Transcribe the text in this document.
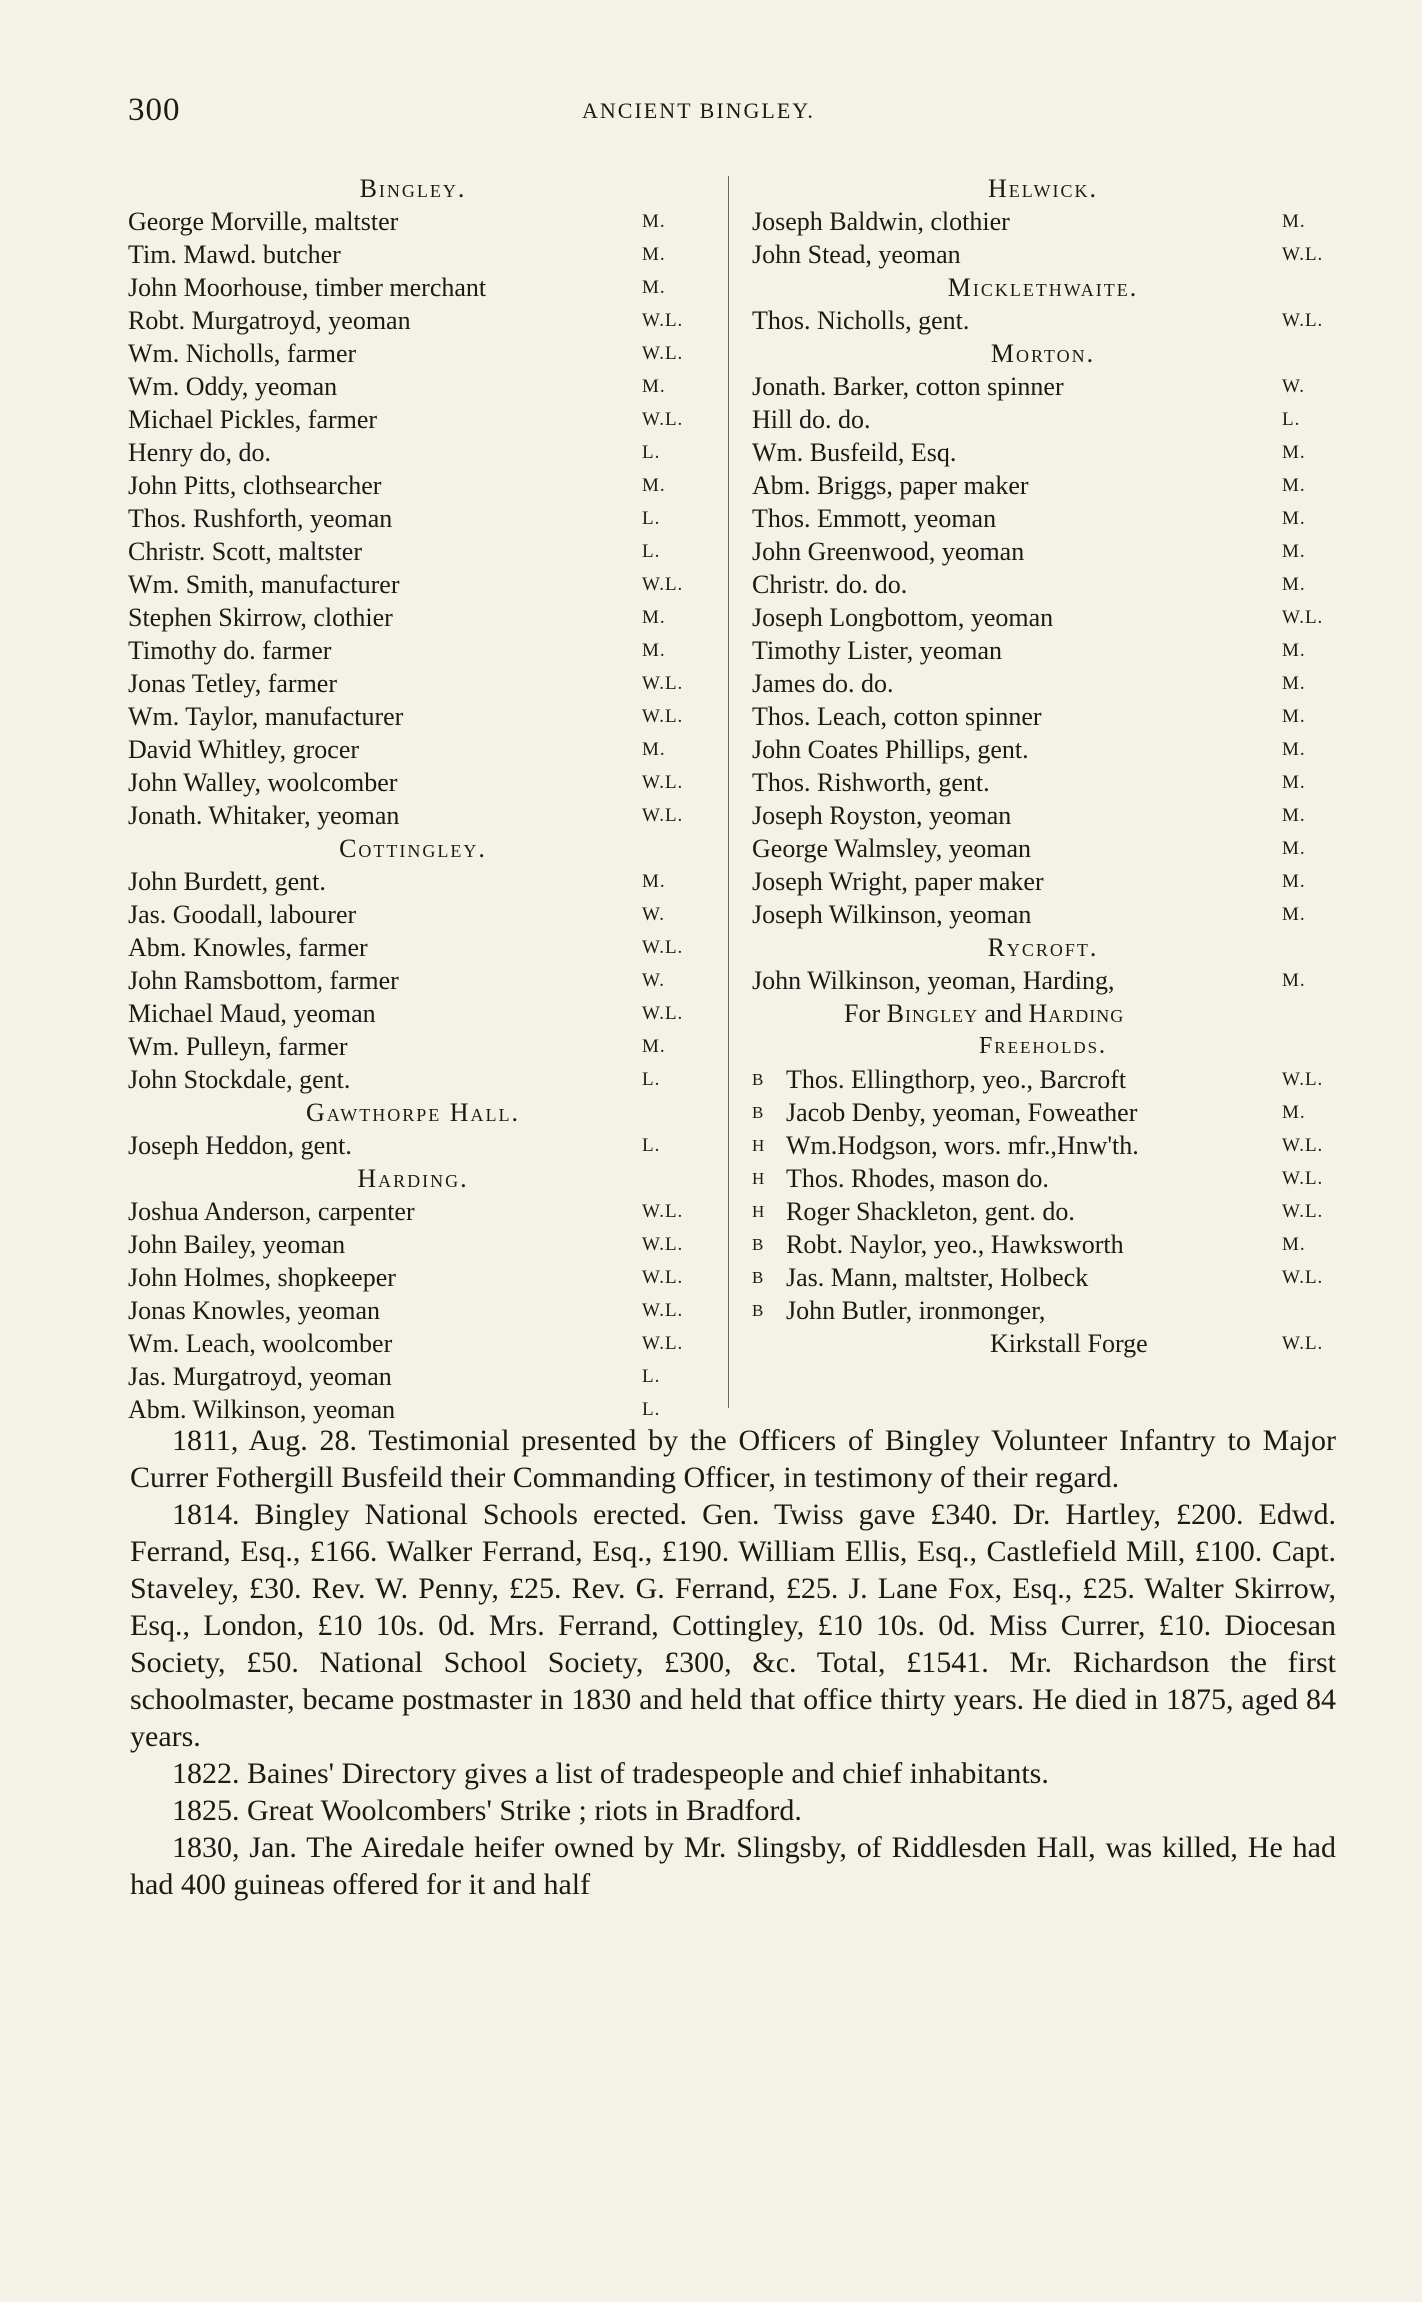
300	ANCIENT BINGLEY.
Bingley.
George Morville, maltster	M.
Tim. Mawd. butcher	M.
John Moorhouse, timber merchant	M.
Robt. Murgatroyd, yeoman	W.L.
Wm. Nicholls, farmer	W.L.
Wm. Oddy, yeoman	M.
Michael Pickles, farmer	W.L.
Henry do, do.	L.
John Pitts, clothsearcher	M.
Thos. Rushforth, yeoman	L.
Christr. Scott, maltster	L.
Wm. Smith, manufacturer	W.L.
Stephen Skirrow, clothier	M.
Timothy do. farmer	M.
Jonas Tetley, farmer	W.L.
Wm. Taylor, manufacturer	W.L.
David Whitley, grocer	M.
John Walley, woolcomber	W.L.
Jonath. Whitaker, yeoman	W.L.
Cottingley.
John Burdett, gent.	M.
Jas. Goodall, labourer	W.
Abm. Knowles, farmer	W.L.
John Ramsbottom, farmer	W.
Michael Maud, yeoman	W.L.
Wm. Pulleyn, farmer	M.
John Stockdale, gent.	L.
Gawthorpe Hall.
Joseph Heddon, gent.	L.
Harding.
Joshua Anderson, carpenter	W.L.
John Bailey, yeoman	W.L.
John Holmes, shopkeeper	W.L.
Jonas Knowles, yeoman	W.L.
Wm. Leach, woolcomber	W.L.
Jas. Murgatroyd, yeoman	L.
Abm. Wilkinson, yeoman	L.
Helwick.
Joseph Baldwin, clothier	M.
John Stead, yeoman	W.L.
Micklethwaite.
Thos. Nicholls, gent.	W.L.
Morton.
Jonath. Barker, cotton spinner	W.
Hill do. do.	L.
Wm. Busfeild, Esq.	M.
Abm. Briggs, paper maker	M.
Thos. Emmott, yeoman	M.
John Greenwood, yeoman	M.
Christr. do. do.	M.
Joseph Longbottom, yeoman	W.L.
Timothy Lister, yeoman	M.
James do. do.	M.
Thos. Leach, cotton spinner	M.
John Coates Phillips, gent.	M.
Thos. Rishworth, gent.	M.
Joseph Royston, yeoman	M.
George Walmsley, yeoman	M.
Joseph Wright, paper maker	M.
Joseph Wilkinson, yeoman	M.
Rycroft.
John Wilkinson, yeoman, Harding,	M.
For Bingley and Harding
Freeholds.
B Thos. Ellingthorp, yeo., Barcroft	W.L.
B Jacob Denby, yeoman, Foweather	M.
H Wm.Hodgson, wors. mfr.,Hnw'th.	W.L.
H Thos. Rhodes, mason do.	W.L.
H Roger Shackleton, gent. do.	W.L.
B Robt. Naylor, yeo., Hawksworth	M.
B Jas. Mann, maltster, Holbeck	W.L.
B John Butler, ironmonger,
Kirkstall Forge	W.L.

1811, Aug. 28. Testimonial presented by the Officers of Bingley Volunteer Infantry to Major Currer Fothergill Busfeild their Commanding Officer, in testimony of their regard.

1814. Bingley National Schools erected. Gen. Twiss gave £340. Dr. Hartley, £200. Edwd. Ferrand, Esq., £166. Walker Ferrand, Esq., £190. William Ellis, Esq., Castlefield Mill, £100. Capt. Staveley, £30. Rev. W. Penny, £25. Rev. G. Ferrand, £25. J. Lane Fox, Esq., £25. Walter Skirrow, Esq., London, £10 10s. 0d. Mrs. Ferrand, Cottingley, £10 10s. 0d. Miss Currer, £10. Diocesan Society, £50. National School Society, £300, &c. Total, £1541. Mr. Richardson the first schoolmaster, became postmaster in 1830 and held that office thirty years. He died in 1875, aged 84 years.

1822. Baines' Directory gives a list of tradespeople and chief inhabitants.

1825. Great Woolcombers' Strike ; riots in Bradford.

1830, Jan. The Airedale heifer owned by Mr. Slingsby, of Riddlesden Hall, was killed, He had had 400 guineas offered for it and half
